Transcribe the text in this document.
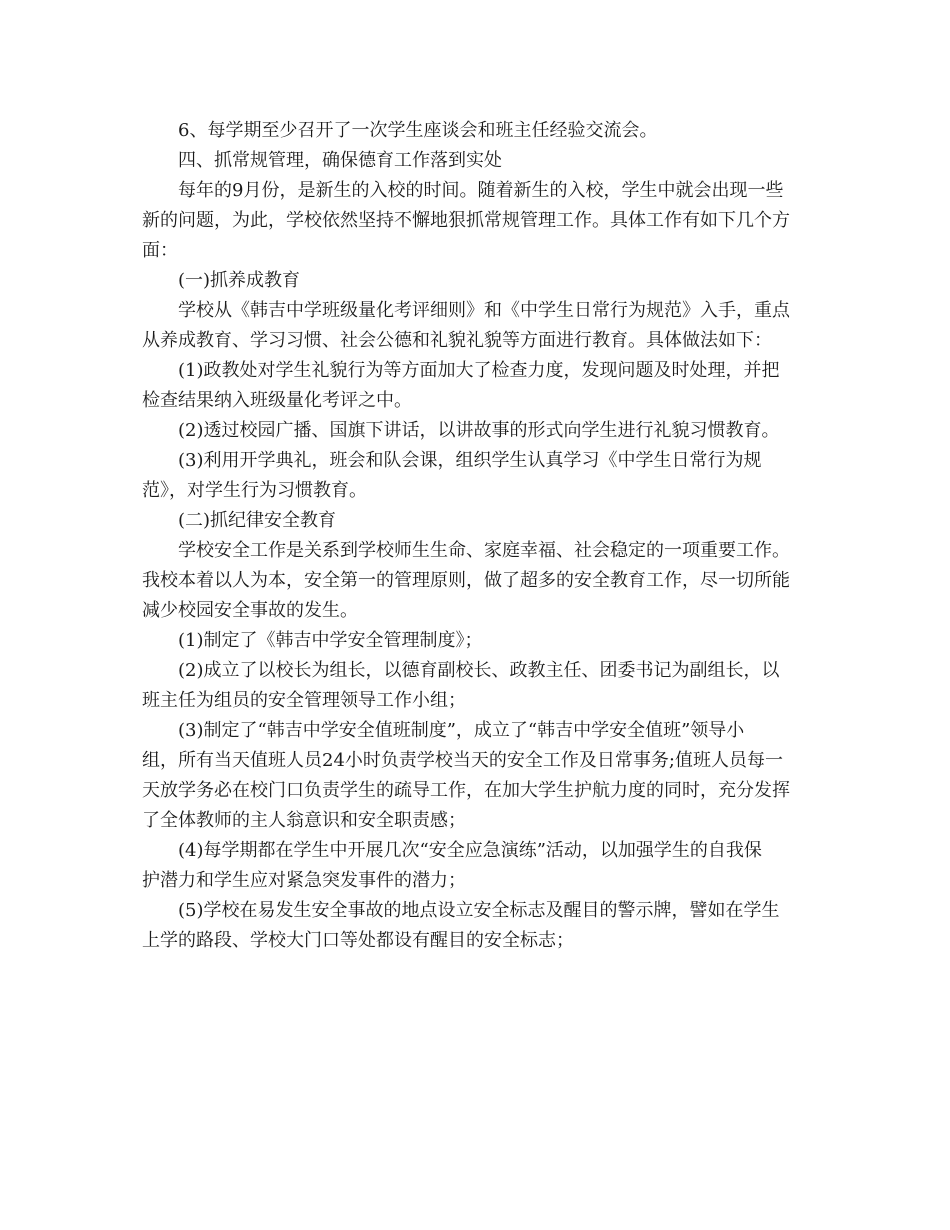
6、每学期至少召开了一次学生座谈会和班主任经验交流会。

四、抓常规管理，确保德育工作落到实处

每年的9月份，是新生的入校的时间。随着新生的入校，学生中就会出现一些

新的问题，为此，学校依然坚持不懈地狠抓常规管理工作。具体工作有如下几个方

面：

(一)抓养成教育

学校从《韩吉中学班级量化考评细则》和《中学生日常行为规范》入手，重点

从养成教育、学习习惯、社会公德和礼貌礼貌等方面进行教育。具体做法如下：

(1)政教处对学生礼貌行为等方面加大了检查力度，发现问题及时处理，并把

检查结果纳入班级量化考评之中。

(2)透过校园广播、国旗下讲话，以讲故事的形式向学生进行礼貌习惯教育。

(3)利用开学典礼，班会和队会课，组织学生认真学习《中学生日常行为规

范》，对学生行为习惯教育。

(二)抓纪律安全教育

学校安全工作是关系到学校师生生命、家庭幸福、社会稳定的一项重要工作。

我校本着以人为本，安全第一的管理原则，做了超多的安全教育工作，尽一切所能

减少校园安全事故的发生。

(1)制定了《韩吉中学安全管理制度》；

(2)成立了以校长为组长，以德育副校长、政教主任、团委书记为副组长，以

班主任为组员的安全管理领导工作小组；

(3)制定了“韩吉中学安全值班制度”，成立了“韩吉中学安全值班”领导小

组，所有当天值班人员24小时负责学校当天的安全工作及日常事务;值班人员每一

天放学务必在校门口负责学生的疏导工作，在加大学生护航力度的同时，充分发挥

了全体教师的主人翁意识和安全职责感；

(4)每学期都在学生中开展几次“安全应急演练”活动，以加强学生的自我保

护潜力和学生应对紧急突发事件的潜力；

(5)学校在易发生安全事故的地点设立安全标志及醒目的警示牌，譬如在学生

上学的路段、学校大门口等处都设有醒目的安全标志；
